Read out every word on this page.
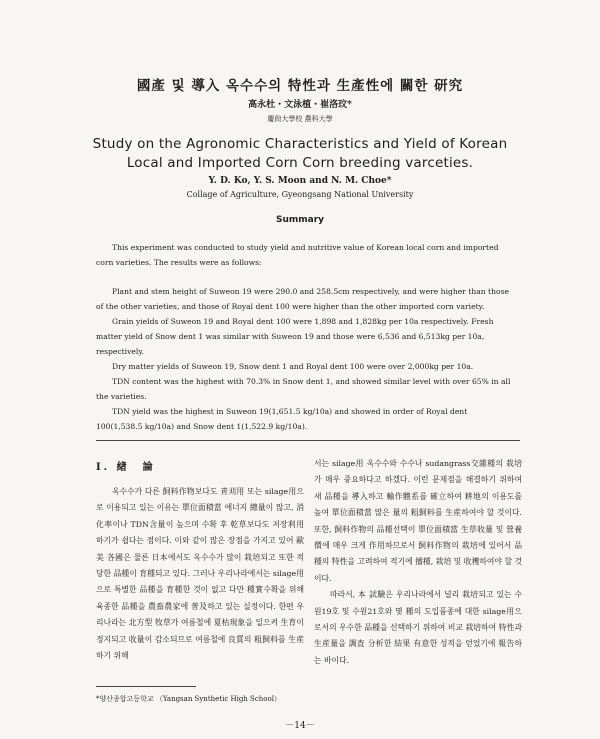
國產 및 導入 옥수수의 特性과 生產性에 關한 研究
高永杜・文泳植・崔洛玟*
慶尙大學校 農科大學
Study on the Agronomic Characteristics and Yield of Korean
Local and Imported Corn Corn breeding varceties.
Y. D. Ko, Y. S. Moon and N. M. Choe*
Collage of Agriculture, Gyeongsang National University
Summary

This experiment was conducted to study yield and nutritive value of Korean local corn and imported corn varieties. The results were as follows:

Plant and stem height of Suweon 19 were 290.0 and 258.5cm respectively, and were higher than those of the other varieties, and those of Royal dent 100 were higher than the other imported corn variety.

Grain yields of Suweon 19 and Royal dent 100 were 1,898 and 1,828kg per 10a respectively. Fresh matter yield of Snow dent 1 was similar with Suweon 19 and those were 6,536 and 6,513kg per 10a, respectively.

Dry matter yields of Suweon 19, Snow dent 1 and Royal dent 100 were over 2,000kg per 10a.

TDN content was the highest with 70.3% in Snow dent 1, and showed similar level with over 65% in all the varieties.

TDN yield was the highest in Suweon 19(1,651.5 kg/10a) and showed in order of Royal dent 100(1,538.5 kg/10a) and Snow dent 1(1,522.9 kg/10a).

Ⅰ. 緖　論

옥수수가 다른 飼料作物보다도 靑刈用 또는 silage用으로 이용되고 있는 이유는 單位面積當 에너지 總量이 많고, 消化率이나 TDN含量이 높으며 수확 후 乾草보다도 저장利用하기가 쉽다는 점이다. 이와 같이 많은 장점을 가지고 있어 歐美 各國은 물론 日本에서도 옥수수가 많이 栽培되고 또한 적당한 品種이 育種되고 있다. 그러나 우리나라에서는 silage用으로 특별한 品種을 育種한 것이 없고 다만 種實수확을 위해 육종한 品種을 農畜農家에 普及하고 있는 실정이다. 한편 우리나라는 北方型 牧草가 여름철에 夏枯現象을 일으켜 生育이 정지되고 收量이 감소되므로 여름철에 良質의 粗飼料를 生産하기 위해

서는 silage用 옥수수와 수수나 sudangrass交雜種의 栽培가 매우 중요하다고 하겠다. 이런 문제점을 해결하기 위하여 새 品種을 導入하고 輸作體系를 確立하여 耕地의 이용도를 높여 單位面積當 많은 量의 粗飼料를 生産하여야 할 것이다. 또한, 飼料作物의 品種선택이 單位面積當 生草收量 및 營養價에 매우 크게 作用하므로서 飼料作物의 栽培에 있어서 品種의 特性을 고려하여 적기에 播種, 栽培 및 收穫하여야 할 것이다.

따라서, 本 試驗은 우리나라에서 널리 栽培되고 있는 수원19호 및 수원21호와 몇 種의 도입품종에 대한 silage用으로서의 우수한 品種을 선택하기 위하여 비교 栽培하여 特性과 生産量을 調査 分析한 結果 有意한 성적을 얻었기에 報告하는 바이다.

*양산종합고등학교 （Yangsan Synthetic High School）
－14－
